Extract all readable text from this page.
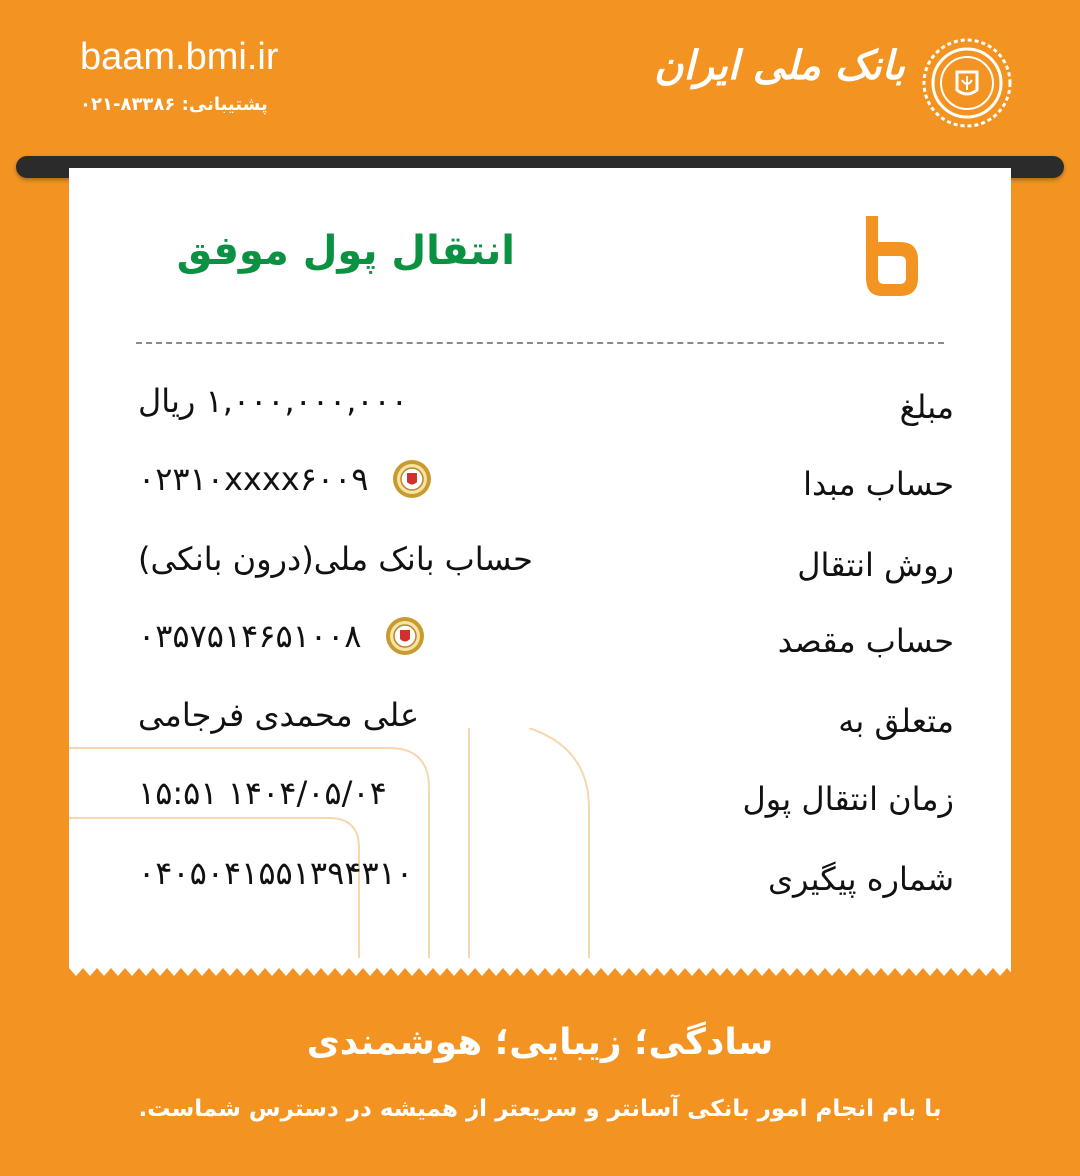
baam.bmi.ir
پشتیبانی: ۸۳۳۸۶-۰۲۱
بانک ملی ایران
انتقال پول موفق
مبلغ
۱,۰۰۰,۰۰۰,۰۰۰ ریال
حساب مبدا
۰۲۳۱۰xxxx۶۰۰۹
روش انتقال
حساب بانک ملی(درون بانکی)
حساب مقصد
۰۳۵۷۵۱۴۶۵۱۰۰۸
متعلق به
علی محمدی فرجامی
زمان انتقال پول
۱۴۰۴/۰۵/۰۴ ۱۵:۵۱
شماره پیگیری
۰۴۰۵۰۴۱۵۵۱۳۹۴۳۱۰
سادگی؛ زیبایی؛ هوشمندی
با بام انجام امور بانکی آسانتر و سریعتر از همیشه در دسترس شماست.
